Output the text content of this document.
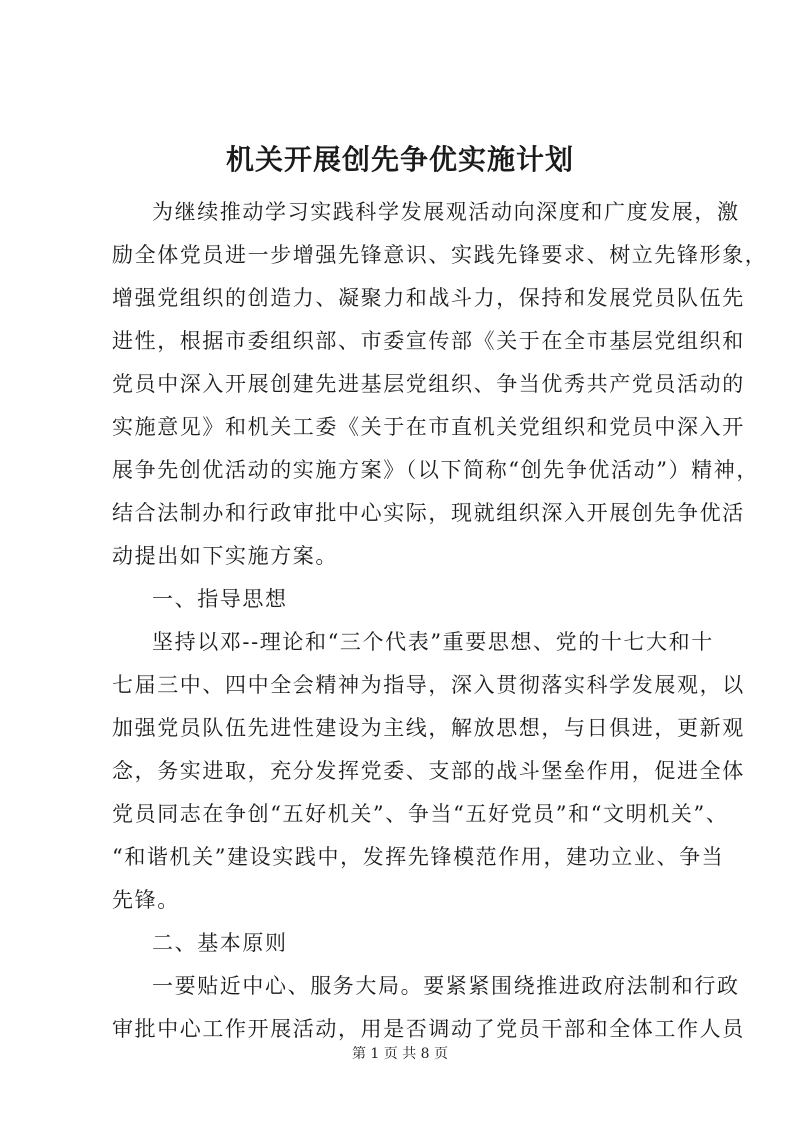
机关开展创先争优实施计划

为继续推动学习实践科学发展观活动向深度和广度发展，激

励全体党员进一步增强先锋意识、实践先锋要求、树立先锋形象，

增强党组织的创造力、凝聚力和战斗力，保持和发展党员队伍先

进性，根据市委组织部、市委宣传部《关于在全市基层党组织和

党员中深入开展创建先进基层党组织、争当优秀共产党员活动的

实施意见》和机关工委《关于在市直机关党组织和党员中深入开

展争先创优活动的实施方案》（以下简称“创先争优活动”）精神，

结合法制办和行政审批中心实际，现就组织深入开展创先争优活

动提出如下实施方案。

一、指导思想

坚持以邓--理论和“三个代表”重要思想、党的十七大和十

七届三中、四中全会精神为指导，深入贯彻落实科学发展观，以

加强党员队伍先进性建设为主线，解放思想，与日俱进，更新观

念，务实进取，充分发挥党委、支部的战斗堡垒作用，促进全体

党员同志在争创“五好机关”、争当“五好党员”和“文明机关”、

“和谐机关”建设实践中，发挥先锋模范作用，建功立业、争当

先锋。

二、基本原则

一要贴近中心、服务大局。要紧紧围绕推进政府法制和行政

审批中心工作开展活动，用是否调动了党员干部和全体工作人员

第 1 页 共 8 页
